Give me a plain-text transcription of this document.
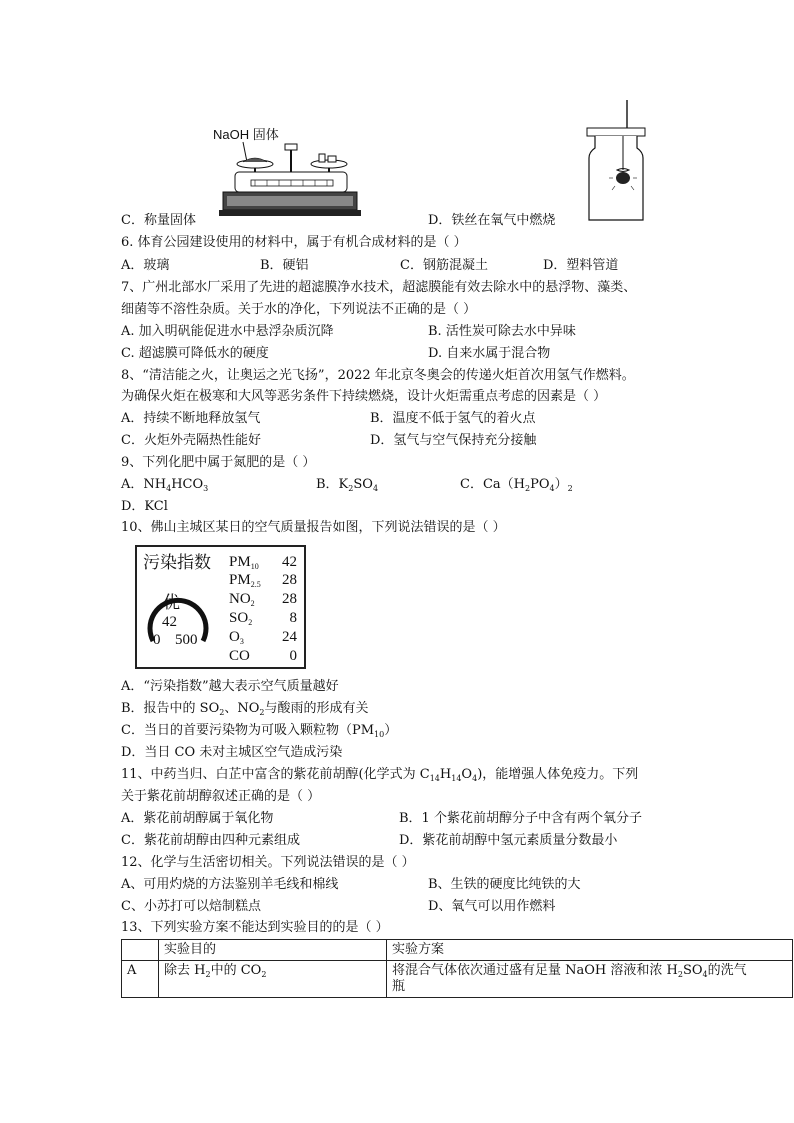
NaOH 固体
C．称量固体	D．铁丝在氧气中燃烧
6. 体育公园建设使用的材料中，属于有机合成材料的是（ ）
A．玻璃	B．硬铝	C．钢筋混凝土	D．塑料管道
7、广州北部水厂采用了先进的超滤膜净水技术，超滤膜能有效去除水中的悬浮物、藻类、
细菌等不溶性杂质。关于水的净化，下列说法不正确的是（ ）
A. 加入明矾能促进水中悬浮杂质沉降	B. 活性炭可除去水中异味
C. 超滤膜可降低水的硬度	D. 自来水属于混合物
8、“清洁能之火，让奥运之光飞扬”，2022 年北京冬奥会的传递火炬首次用氢气作燃料。
为确保火炬在极寒和大风等恶劣条件下持续燃烧，设计火炬需重点考虑的因素是（ ）
A．持续不断地释放氢气	B．温度不低于氢气的着火点
C．火炬外壳隔热性能好	D．氢气与空气保持充分接触
9、下列化肥中属于氮肥的是（ ）
A．$NH_4HCO_3$	B．$K_2SO_4$	C．$Ca(H_2PO_4)_2$
D．KCl
10、佛山主城区某日的空气质量报告如图，下列说法错误的是（ ）
污染指数
优
42
0 500
$PM_{10}$ 42
$PM_{2.5}$ 28
$NO_2$ 28
$SO_2$ 8
$O_3$	24
CO	0
A．“污染指数”越大表示空气质量越好
B．报告中的 $SO_2$、$NO_2$与酸雨的形成有关
C．当日的首要污染物为可吸入颗粒物$(PM_{10})$
D．当日 CO 未对主城区空气造成污染
11、中药当归、白芷中富含的紫花前胡醇(化学式为 $C_{14}H_{14}O_4$)，能增强人体免疫力。下列
关于紫花前胡醇叙述正确的是（ ）
A．紫花前胡醇属于氧化物	B．1 个紫花前胡醇分子中含有两个氧分子
C．紫花前胡醇由四种元素组成	D．紫花前胡醇中氢元素质量分数最小
12、化学与生活密切相关。下列说法错误的是（ ）
A、可用灼烧的方法鉴别羊毛线和棉线	B、生铁的硬度比纯铁的大
C、小苏打可以焙制糕点	D、氧气可以用作燃料
13、下列实验方案不能达到实验目的的是（ ）
	实验目的	实验方案
A	除去 $H_2$中的 $CO_2$	将混合气体依次通过盛有足量 NaOH 溶液和浓 $H_2SO_4$的洗气
瓶
